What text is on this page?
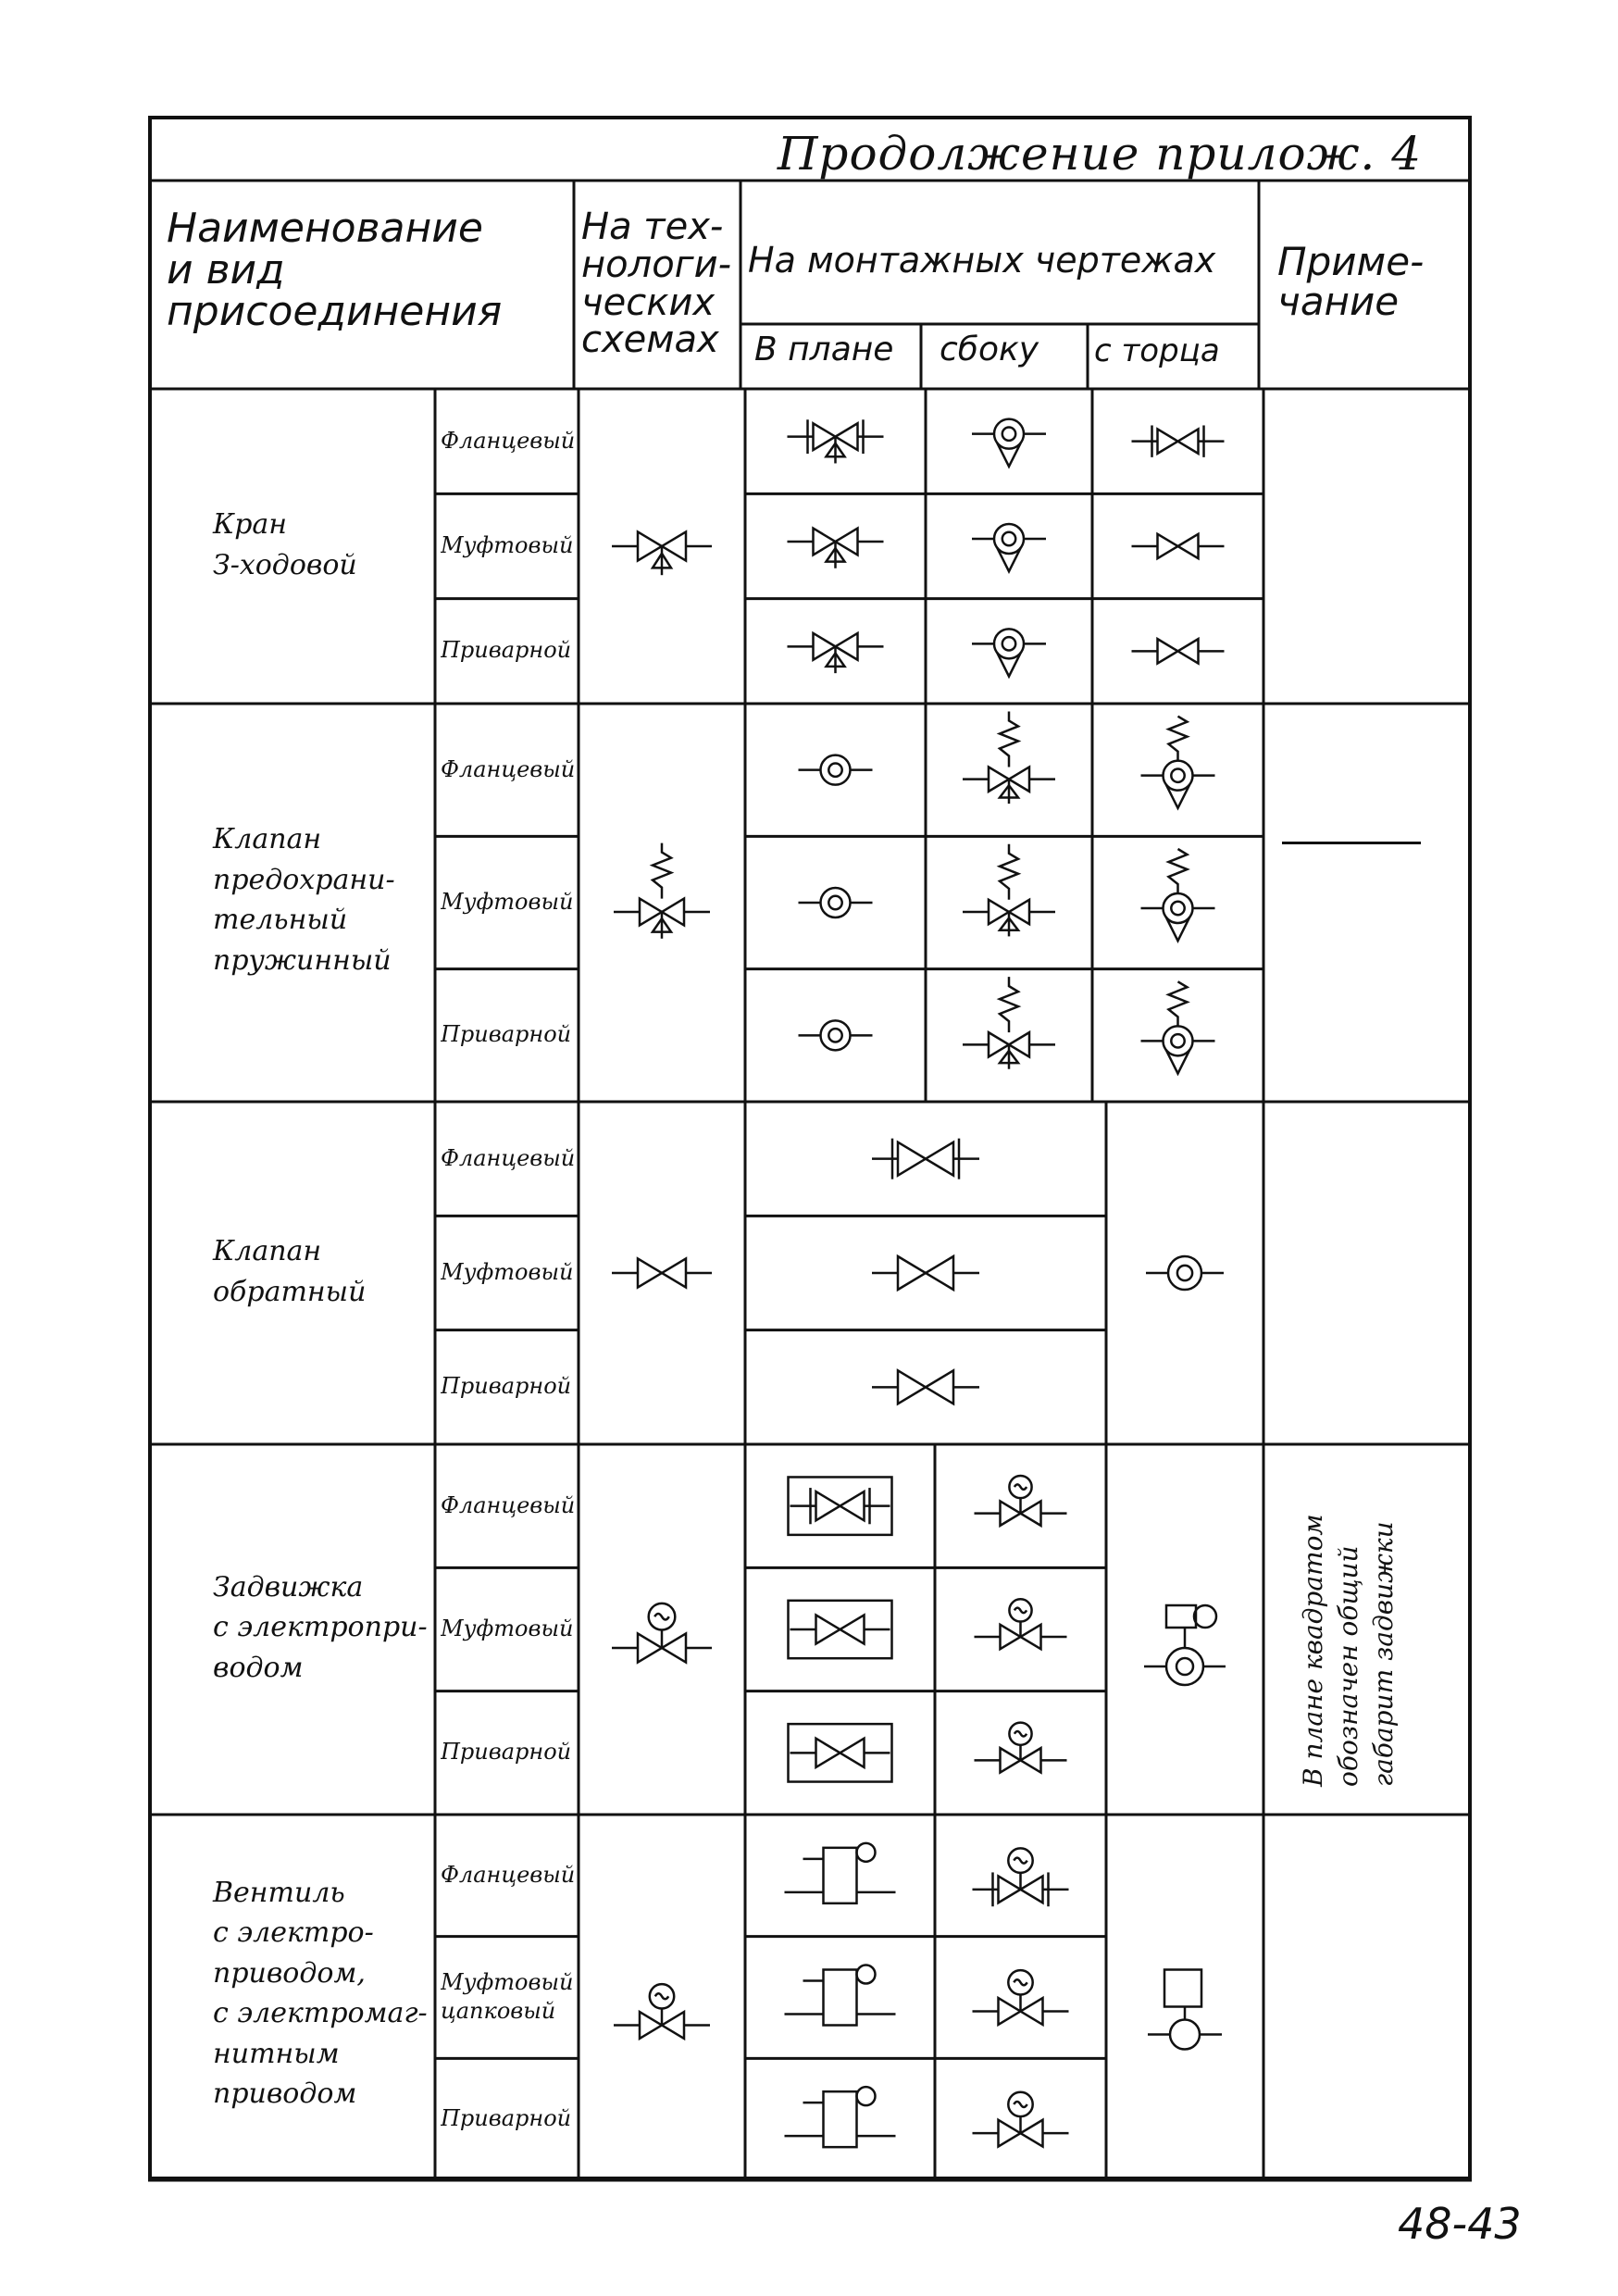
Продолжение прилож. 4
Наименование
и вид
присоединения
На тех-
нологи-
ческих
схемах
На монтажных чертежах
В плане сбоку с торца
Приме-
чание
Кран
З-ходовой
Фланцевый
Муфтовый
Приварной
Клапан
предохрани-
тельный
пружинный
Фланцевый
Муфтовый
Приварной
Клапан
обратный
Фланцевый
Муфтовый
Приварной
Задвижка
с электропри-
водом
Фланцевый
Муфтовый
Приварной
В плане квадратом
обозначен общий
габарит задвижки
Вентиль
с электро-
приводом,
с электромаг-
нитным
приводом
Фланцевый
Муфтовый
цапковый
Приварной
48-43
